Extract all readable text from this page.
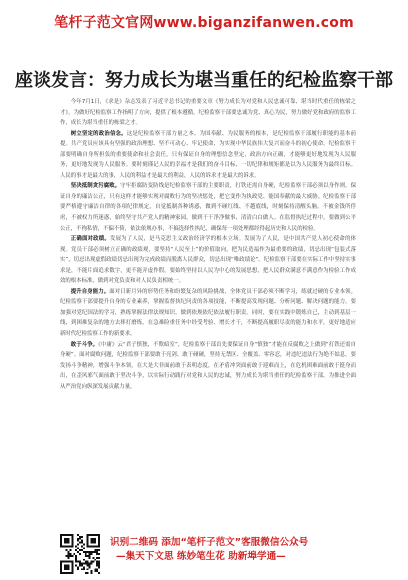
笔杆子范文官网www.biganzifanwen.com
座谈发言：努力成长为堪当重任的纪检监察干部

今年7月1日，《求是》杂志发表了习近平总书记的重要文章《努力成长为对党和人民忠诚可靠、堪当时代重任的栋梁之才》，为做好纪检监察工作指明了方向，提供了根本遵循。纪检监察干部要忠诚为党、真心为民，努力做好党和政府的监察工作，成长为堪当重任的栋梁之才。

树立坚定的政治信念。这是纪检监察干部力量之本。为国奉献、为民服务的根本，是纪检监察干部履行职能的基本前提。共产党员应该具有坚强的政治理想、坚不可动心、牢记使命，为实现中华民族伟大复兴而奋斗的初心使命。纪检监察干部要明确自身所担负的重要使命和社会责任，只有保证自身的理想信念坚定，政治方向正确，才能够更好地发现为人民服务，更好地发现为人民服务。要时刻谨记人民的幸福才是我们的奋斗目标，一切纪律和规矩都是以为人民服务为最终目标。人民的事才是最大的事，人民的利益才是最大的利益，人民的诉求才是最大的诉求。

坚决抵制贪污腐败。守牢拒腐防变防线是纪检监察干部的主要职责，打铁还需自身硬，纪检监察干部必须以身作则，保证自身的廉洁公正，只有这样才能够实现对腐败行为的坚决惩处，把它变作为执政党、能国奉献的最大威胁。纪检监察干部要严格遵守廉洁自律的各项纪律规定，自觉抵制各种诱惑，做到不碰红线、不越底线，时刻保持清醒头脑，不被金钱所俘虏，不被权力所迷惑，始终坚守共产党人的精神家园，做到干干净净做事、清清白白做人。在监督执纪过程中，要做到公平公正，不徇私情，不偏不倚，依法依规办事，不搞选择性执纪，确保每一项处理都经得起历史和人民的检验。

正确面对政绩。发展为了人民，是马克思主义政治经济学的根本立场。发展为了人民，是中国共产党人初心使命的体现。党员干部必须树立正确的政绩观，要坚持“人民至上”的价值取向，把为民造福作为最重要的政绩，切忌出现“包装式落实”，切忌出现虚假政绩切忌出现为完成政绩而脱离人民群众，切忌出现“唯政绩论”。纪检监察干部要在实际工作中坚持实事求是，不能片面追求数字，更不能弄虚作假，要始终坚持以人民为中心的发展思想，把人民群众满意不满意作为检验工作成效的根本标准，做到对党负责和对人民负责相统一。

提升自身能力。面对日新月异的形势任务和纷繁复杂的风险挑战，全体党员干部必须不断学习，练就过硬的专业本领。纪检监察干部要提升自身的专业素养，掌握监督执纪问责的各项技能，不断提高发现问题、分析问题、解决问题的能力。要加强对党纪国法的学习，熟练掌握法律法规知识，做到依规依纪依法履行职责。同时，要在实践中锻炼自己，主动到基层一线、到困难复杂的地方去摔打磨炼，在急难险重任务中经受考验、增长才干，不断提高履职尽责的能力和水平，更好地适应新时代纪检监察工作的新要求。

敢于斗争。《中庸》云“君子慎独，不欺暗室”，纪检监察干部首先要保证自身“慎独”才能在反腐败之上做到“打铁还需自身硬”。面对腐败问题，纪检监察干部要敢于亮剑、敢于碰硬，坚持无禁区、全覆盖、零容忍，对违纪违法行为绝不姑息。要发扬斗争精神，增强斗争本领，在大是大非面前敢于表明态度，在矛盾冲突面前敢于迎难而上，在危机困难面前敢于挺身而出，在歪风邪气面前敢于坚决斗争，以实际行动践行对党和人民的忠诚，努力成长为堪当重任的纪检监察干部，为推进全面从严治党向纵深发展贡献力量。

识别二维码 添加“笔杆子范文”客服微信公众号
—集天下文思 练妙笔生花 助新埠学通—
